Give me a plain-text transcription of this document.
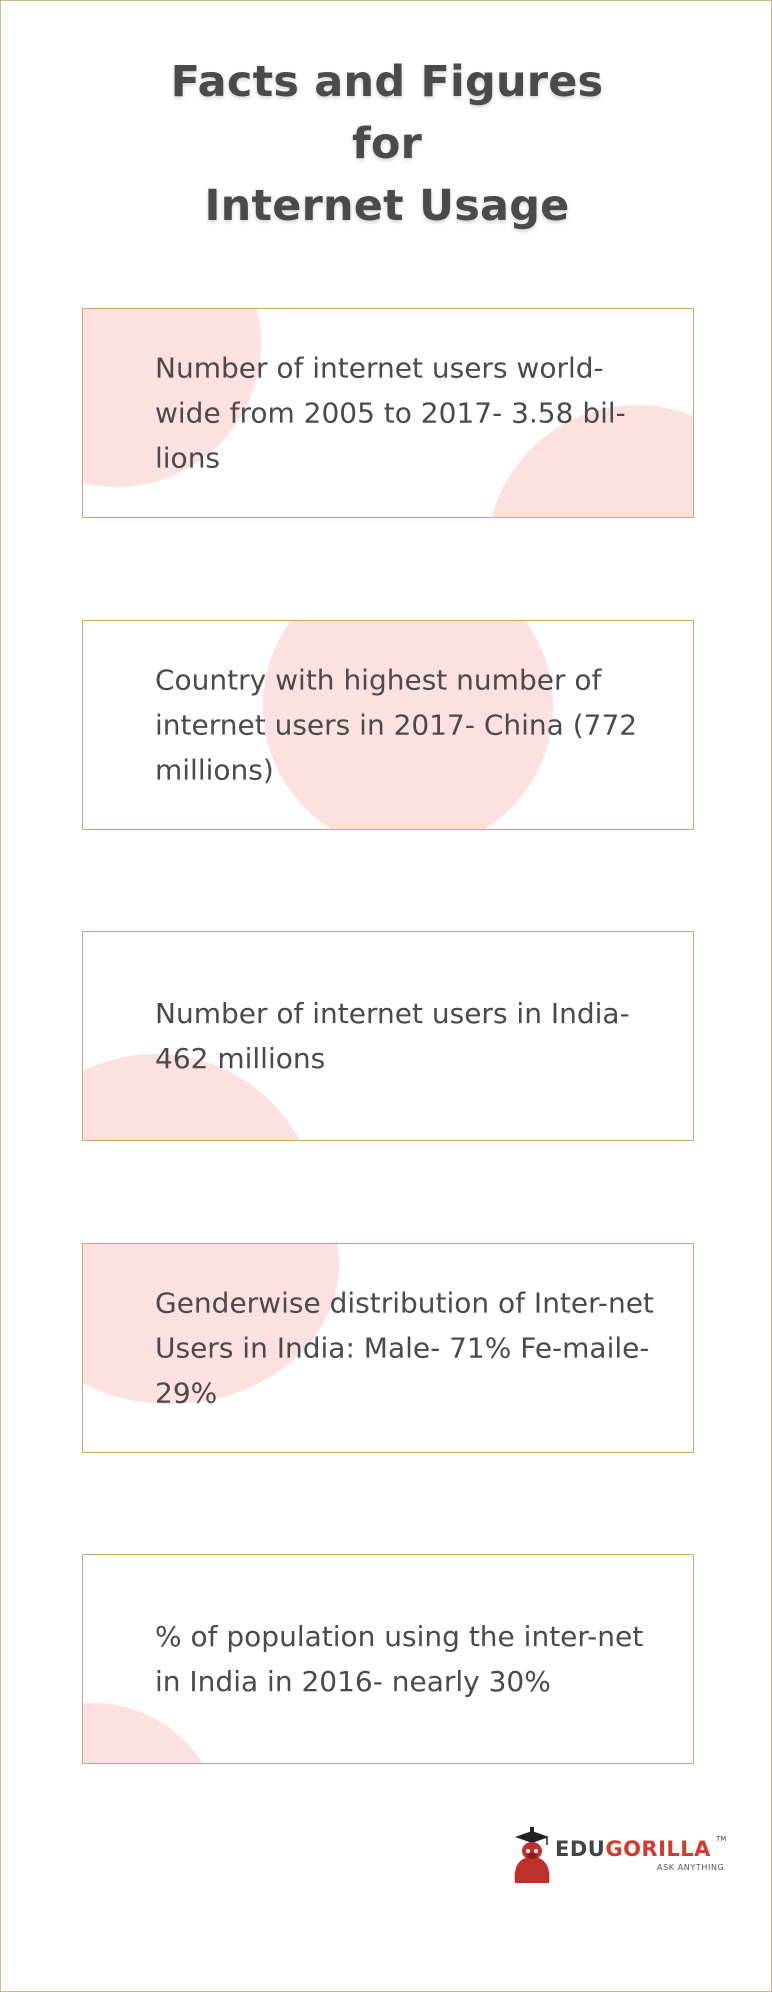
Facts and Figures
for
Internet Usage
Number of internet users world-wide from 2005 to 2017- 3.58 bil-lions
Country with highest number of internet users in 2017- China (772 millions)
Number of internet users in India- 462 millions
Genderwise distribution of Inter-net Users in India: Male- 71% Fe-maile- 29%
% of population using the inter-net in India in 2016- nearly 30%
EDUGORILLA TM
ASK ANYTHING
